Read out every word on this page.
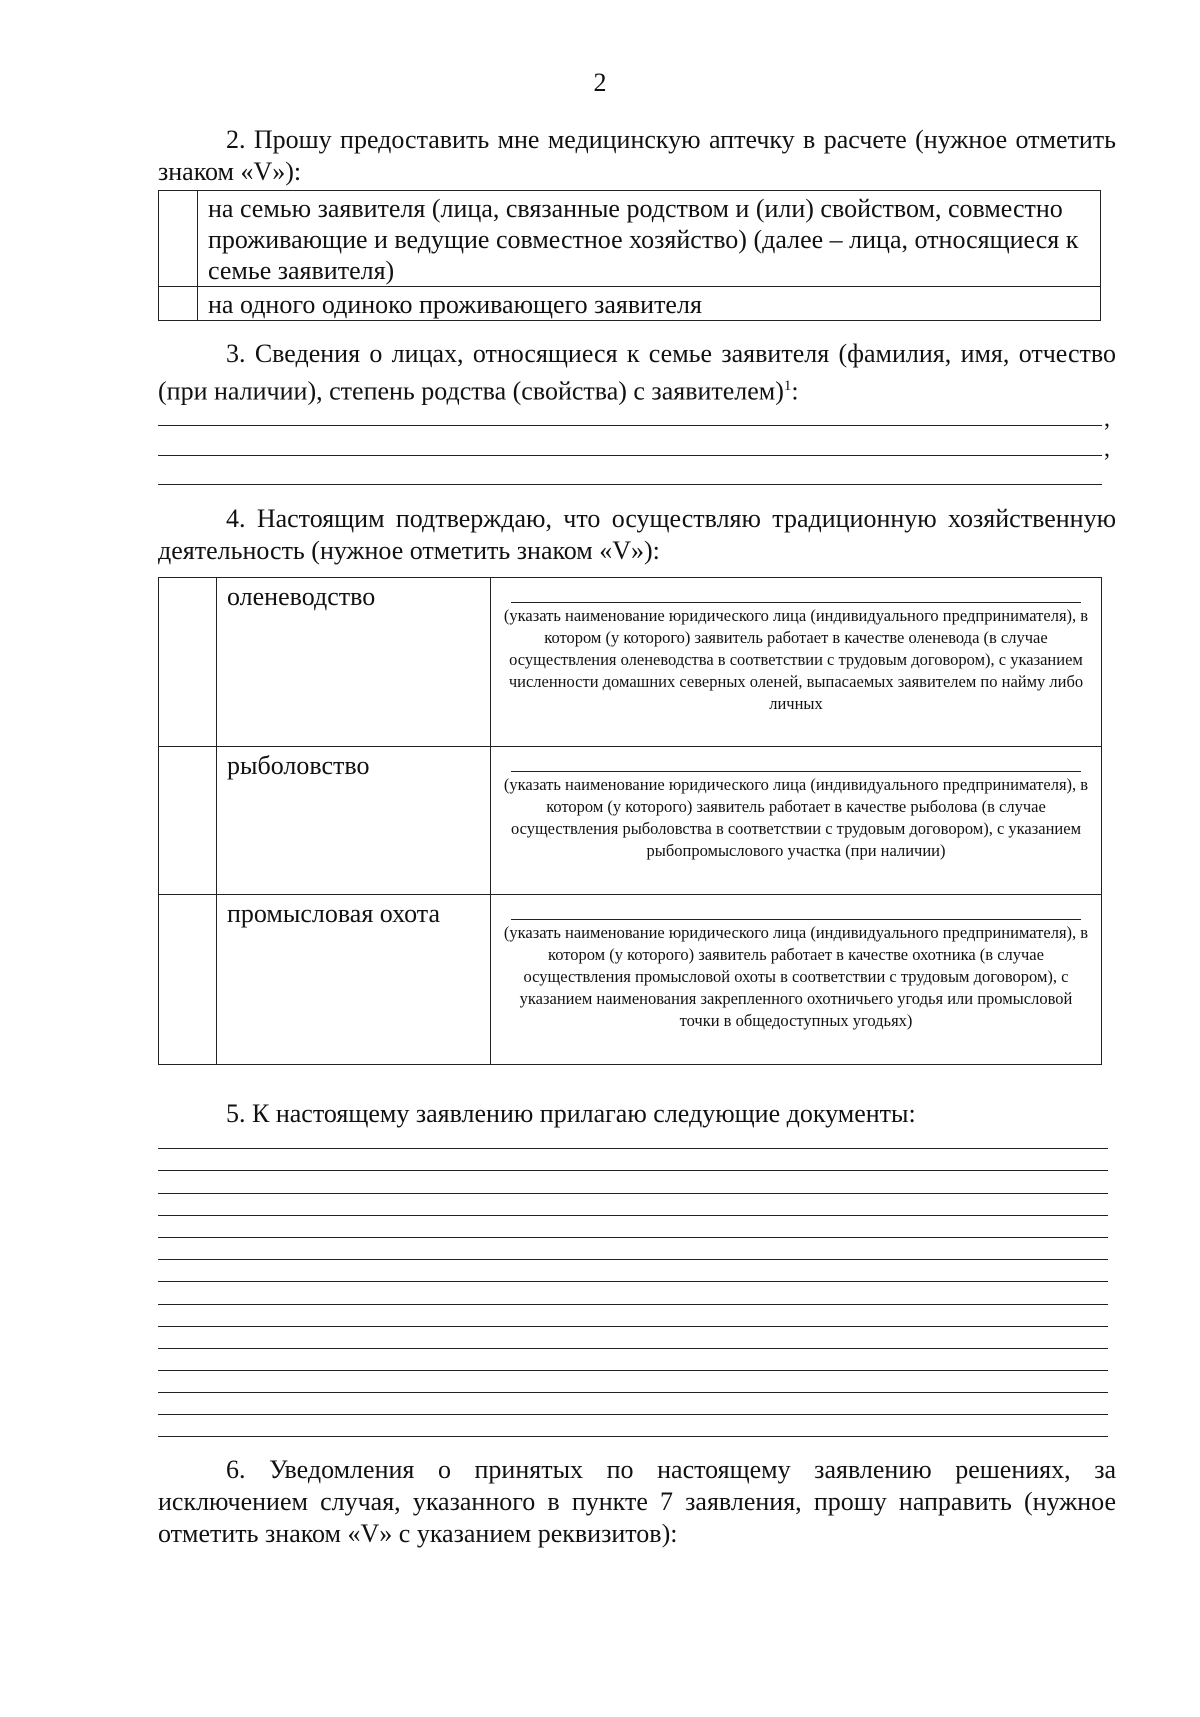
2
2. Прошу предоставить мне медицинскую аптечку в расчете (нужное отметить знаком «V»):
	на семью заявителя (лица, связанные родством и (или) свойством, совместно проживающие и ведущие совместное хозяйство) (далее – лица, относящиеся к семье заявителя)
	на одного одиноко проживающего заявителя
3. Сведения о лицах, относящиеся к семье заявителя (фамилия, имя, отчество (при наличии), степень родства (свойства) с заявителем)$^1$:
,
,
4. Настоящим подтверждаю, что осуществляю традиционную хозяйственную деятельность (нужное отметить знаком «V»):
	оленеводство	(указать наименование юридического лица (индивидуального предпринимателя), в котором (у которого) заявитель работает в качестве оленевода (в случае осуществления оленеводства в соответствии с трудовым договором), с указанием численности домашних северных оленей, выпасаемых заявителем по найму либо личных

	рыболовство	(указать наименование юридического лица (индивидуального предпринимателя), в котором (у которого) заявитель работает в качестве рыболова (в случае осуществления рыболовства в соответствии с трудовым договором), с указанием рыбопромыслового участка (при наличии)

	промысловая охота	(указать наименование юридического лица (индивидуального предпринимателя), в котором (у которого) заявитель работает в качестве охотника (в случае осуществления промысловой охоты в соответствии с трудовым договором), с указанием наименования закрепленного охотничьего угодья или промысловой точки в общедоступных угодьях)
5. К настоящему заявлению прилагаю следующие документы:
6. Уведомления о принятых по настоящему заявлению решениях, за исключением случая, указанного в пункте 7 заявления, прошу направить (нужное отметить знаком «V» с указанием реквизитов):
